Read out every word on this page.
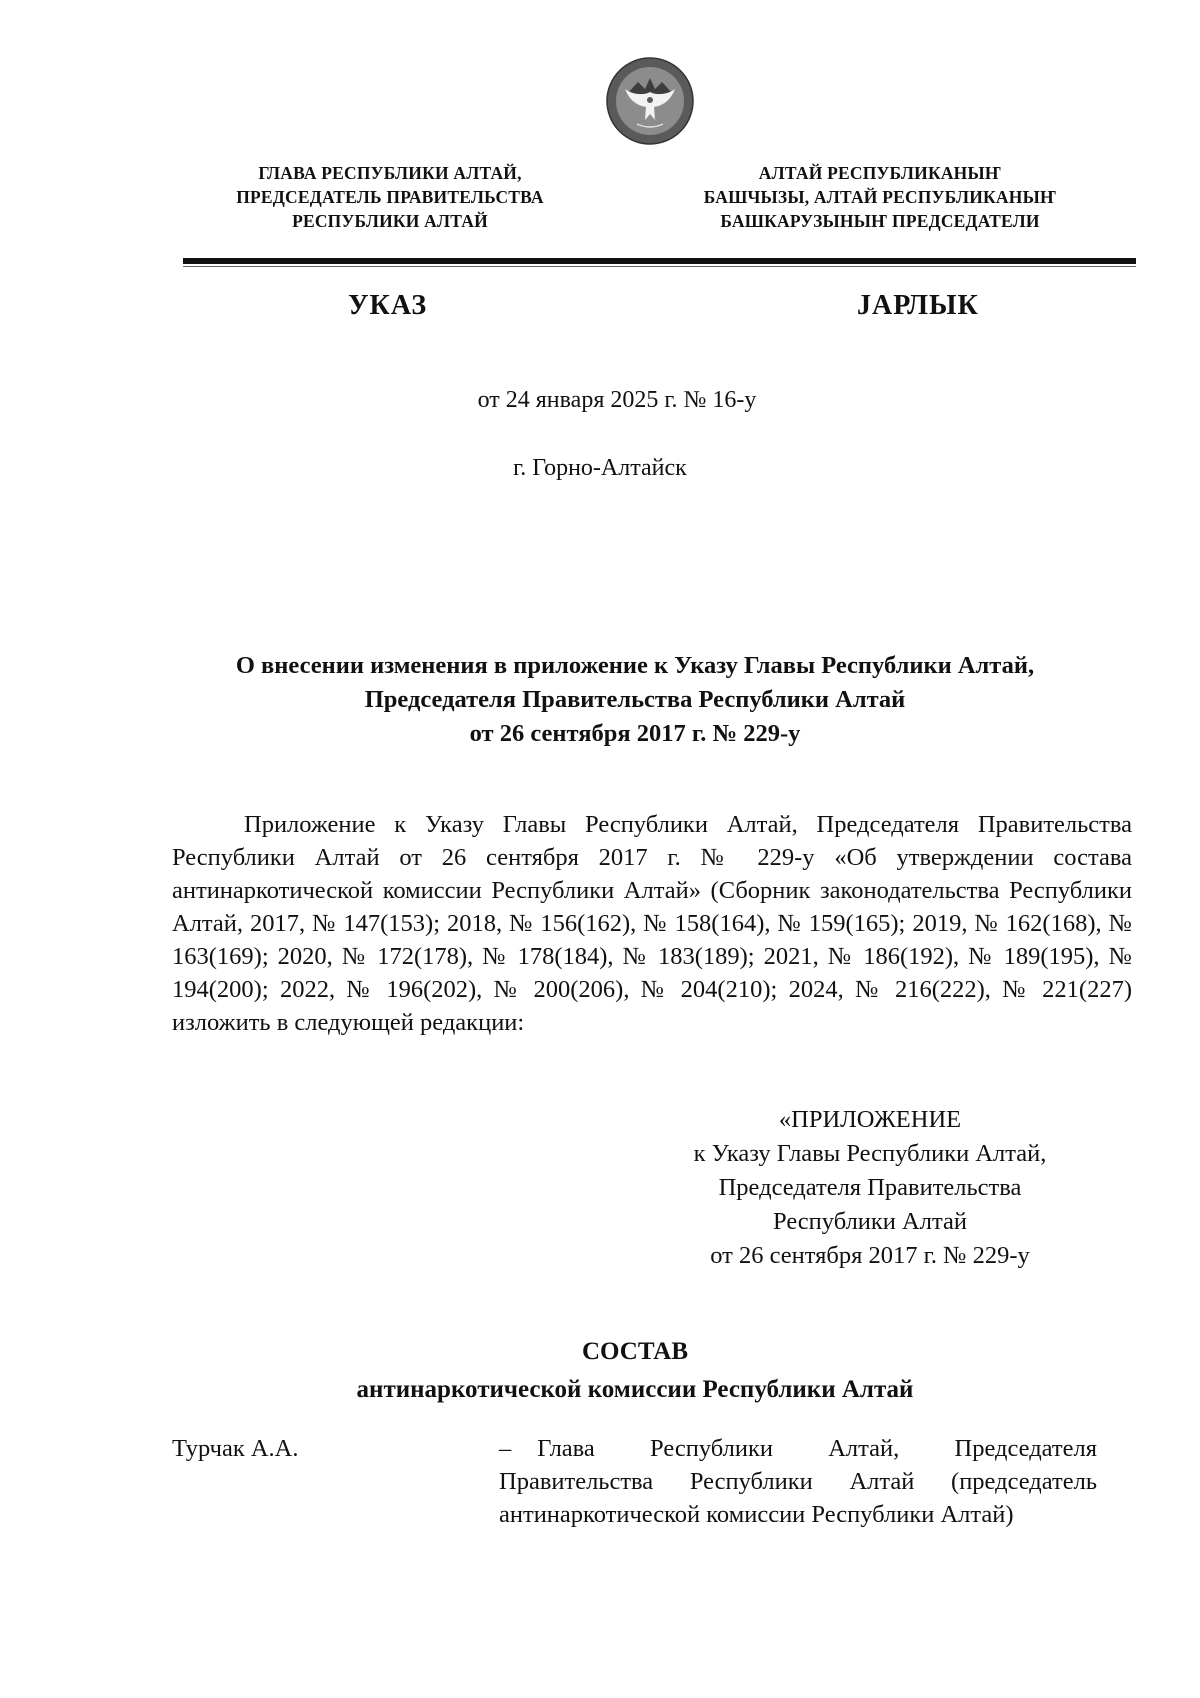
ГЛАВА РЕСПУБЛИКИ АЛТАЙ,
ПРЕДСЕДАТЕЛЬ ПРАВИТЕЛЬСТВА
РЕСПУБЛИКИ АЛТАЙ
АЛТАЙ РЕСПУБЛИКАНЫҤ
БАШЧЫЗЫ, АЛТАЙ РЕСПУБЛИКАНЫҤ
БАШКАРУЗЫНЫҤ ПРЕДСЕДАТЕЛИ
УКАЗ	ЈАРЛЫК
от 24 января 2025 г. № 16-у
г. Горно-Алтайск
О внесении изменения в приложение к Указу Главы Республики Алтай,
Председателя Правительства Республики Алтай
от 26 сентября 2017 г. № 229-у
Приложение к Указу Главы Республики Алтай, Председателя Правительства Республики Алтай от 26 сентября 2017 г. № 229-у «Об утверждении состава антинаркотической комиссии Республики Алтай» (Сборник законодательства Республики Алтай, 2017, № 147(153); 2018, № 156(162), № 158(164), № 159(165); 2019, № 162(168), № 163(169); 2020, № 172(178), № 178(184), № 183(189); 2021, № 186(192), № 189(195), № 194(200); 2022, № 196(202), № 200(206), № 204(210); 2024, № 216(222), № 221(227) изложить в следующей редакции:
«ПРИЛОЖЕНИЕ
к Указу Главы Республики Алтай,
Председателя Правительства
Республики Алтай
от 26 сентября 2017 г. № 229-у
СОСТАВ
антинаркотической комиссии Республики Алтай
Турчак А.А.	– Глава Республики Алтай, Председателя Правительства Республики Алтай (председатель антинаркотической комиссии Республики Алтай)
